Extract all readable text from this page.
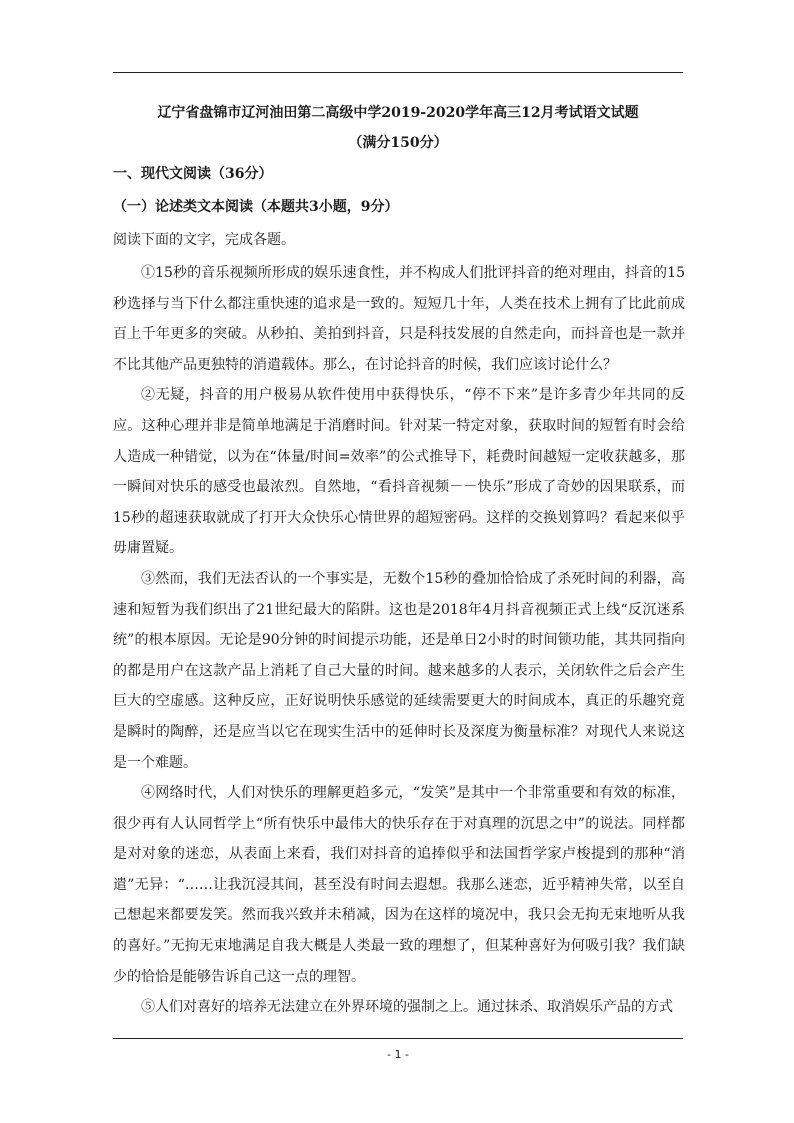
辽宁省盘锦市辽河油田第二高级中学2019-2020学年高三12月考试语文试题
（满分150分）
一、现代文阅读（36分）
（一）论述类文本阅读（本题共3小题，9分）
阅读下面的文字，完成各题。

①15秒的音乐视频所形成的娱乐速食性，并不构成人们批评抖音的绝对理由，抖音的15秒选择与当下什么都注重快速的追求是一致的。短短几十年，人类在技术上拥有了比此前成百上千年更多的突破。从秒拍、美拍到抖音，只是科技发展的自然走向，而抖音也是一款并不比其他产品更独特的消遣载体。那么，在讨论抖音的时候，我们应该讨论什么？

②无疑，抖音的用户极易从软件使用中获得快乐，“停不下来”是许多青少年共同的反应。这种心理并非是简单地满足于消磨时间。针对某一特定对象，获取时间的短暂有时会给人造成一种错觉，以为在“体量/时间=效率”的公式推导下，耗费时间越短一定收获越多，那一瞬间对快乐的感受也最浓烈。自然地，“看抖音视频－－快乐”形成了奇妙的因果联系，而15秒的超速获取就成了打开大众快乐心情世界的超短密码。这样的交换划算吗？看起来似乎毋庸置疑。

③然而，我们无法否认的一个事实是，无数个15秒的叠加恰恰成了杀死时间的利器，高速和短暂为我们织出了21世纪最大的陷阱。这也是2018年4月抖音视频正式上线“反沉迷系统”的根本原因。无论是90分钟的时间提示功能，还是单日2小时的时间锁功能，其共同指向的都是用户在这款产品上消耗了自己大量的时间。越来越多的人表示，关闭软件之后会产生巨大的空虚感。这种反应，正好说明快乐感觉的延续需要更大的时间成本，真正的乐趣究竟是瞬时的陶醉，还是应当以它在现实生活中的延伸时长及深度为衡量标准？对现代人来说这是一个难题。

④网络时代，人们对快乐的理解更趋多元，“发笑”是其中一个非常重要和有效的标准，很少再有人认同哲学上“所有快乐中最伟大的快乐存在于对真理的沉思之中”的说法。同样都是对对象的迷恋，从表面上来看，我们对抖音的追捧似乎和法国哲学家卢梭提到的那种“消遣”无异：“……让我沉浸其间，甚至没有时间去遐想。我那么迷恋，近乎精神失常，以至自己想起来都要发笑。然而我兴致并未稍减，因为在这样的境况中，我只会无拘无束地听从我的喜好。”无拘无束地满足自我大概是人类最一致的理想了，但某种喜好为何吸引我？我们缺少的恰恰是能够告诉自己这一点的理智。

⑤人们对喜好的培养无法建立在外界环境的强制之上。通过抹杀、取消娱乐产品的方式

- 1 -
